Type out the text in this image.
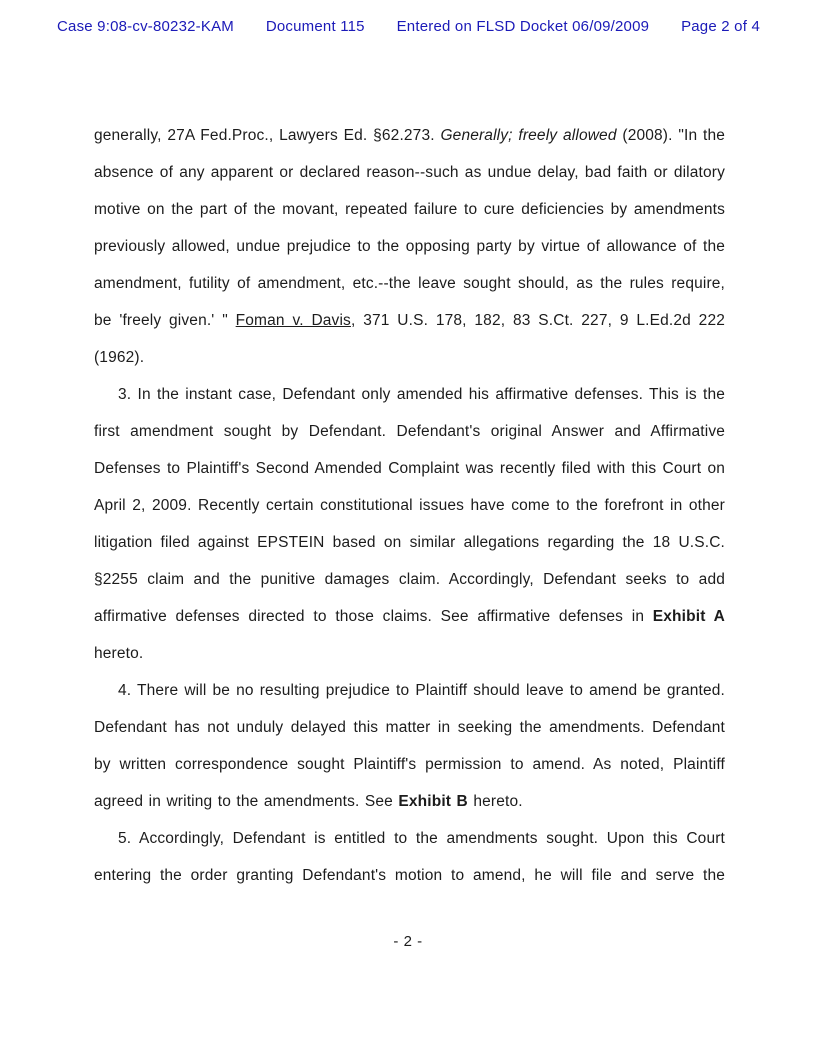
Case 9:08-cv-80232-KAM Document 115 Entered on FLSD Docket 06/09/2009 Page 2 of 4

generally, 27A Fed.Proc., Lawyers Ed. §62.273. Generally; freely allowed (2008). "In the absence of any apparent or declared reason--such as undue delay, bad faith or dilatory motive on the part of the movant, repeated failure to cure deficiencies by amendments previously allowed, undue prejudice to the opposing party by virtue of allowance of the amendment, futility of amendment, etc.--the leave sought should, as the rules require, be 'freely given.' " Foman v. Davis, 371 U.S. 178, 182, 83 S.Ct. 227, 9 L.Ed.2d 222 (1962).

3. In the instant case, Defendant only amended his affirmative defenses. This is the first amendment sought by Defendant. Defendant's original Answer and Affirmative Defenses to Plaintiff's Second Amended Complaint was recently filed with this Court on April 2, 2009. Recently certain constitutional issues have come to the forefront in other litigation filed against EPSTEIN based on similar allegations regarding the 18 U.S.C. §2255 claim and the punitive damages claim. Accordingly, Defendant seeks to add affirmative defenses directed to those claims. See affirmative defenses in Exhibit A hereto.

4. There will be no resulting prejudice to Plaintiff should leave to amend be granted. Defendant has not unduly delayed this matter in seeking the amendments. Defendant by written correspondence sought Plaintiff's permission to amend. As noted, Plaintiff agreed in writing to the amendments. See Exhibit B hereto.

5. Accordingly, Defendant is entitled to the amendments sought. Upon this Court entering the order granting Defendant's motion to amend, he will file and serve the

- 2 -
